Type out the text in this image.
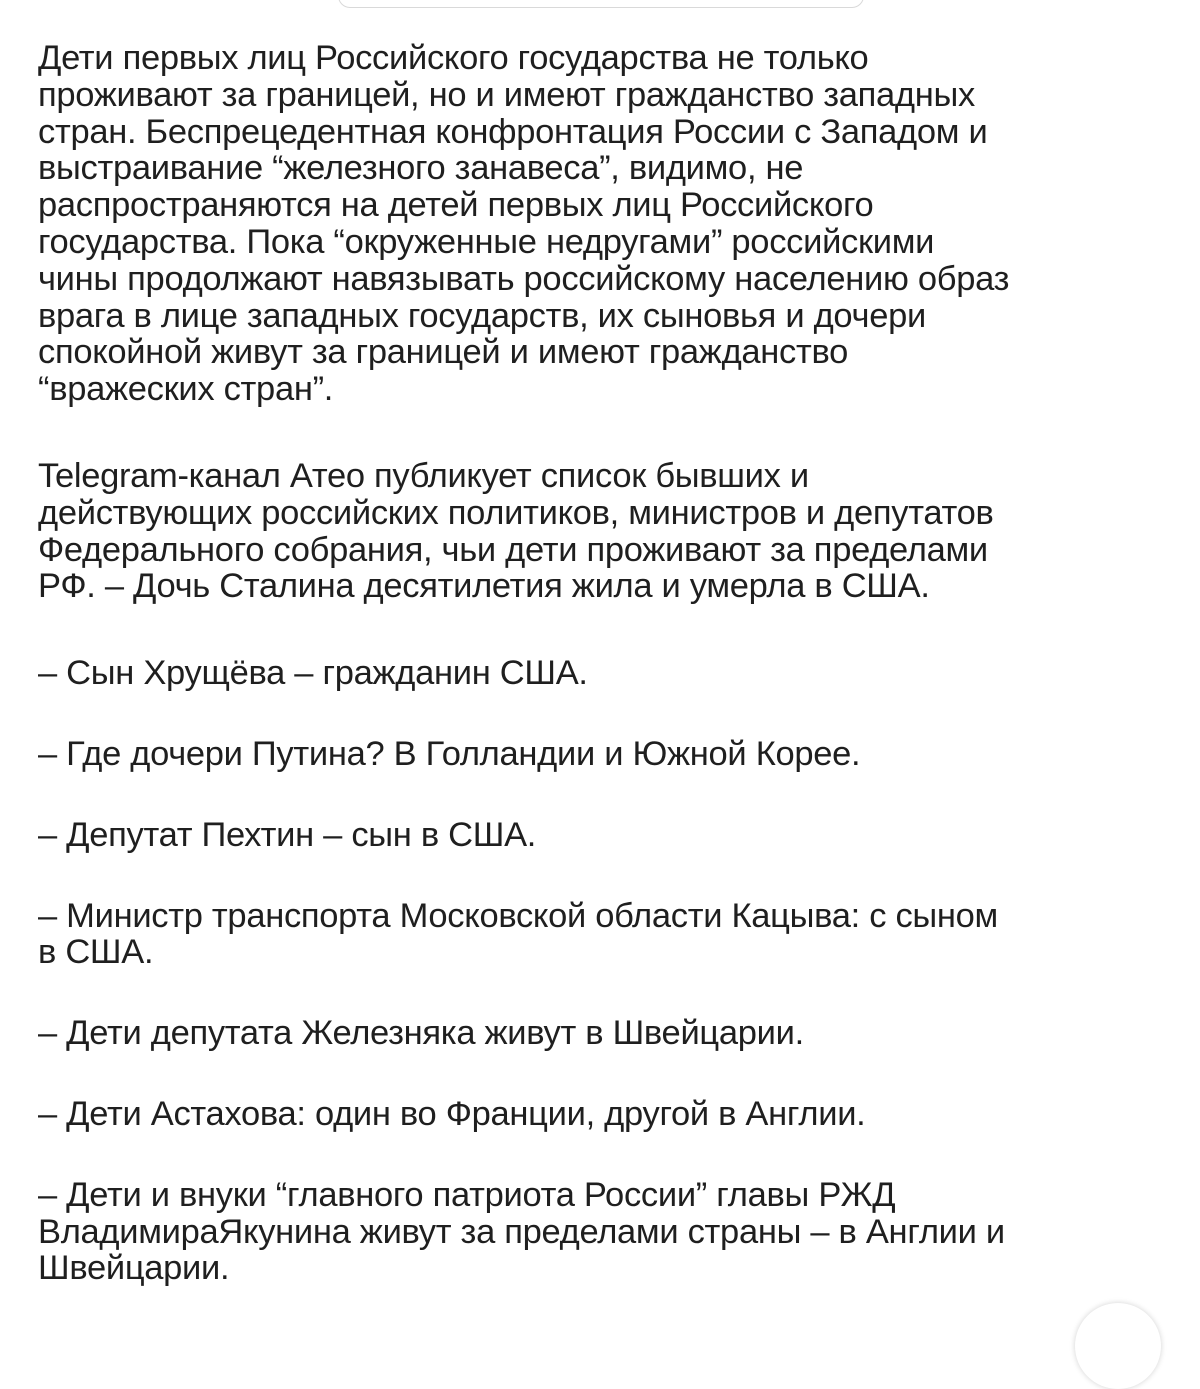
Дети первых лиц Российского государства не только
проживают за границей, но и имеют гражданство западных
стран. Беспрецедентная конфронтация России с Западом и
выстраивание “железного занавеса”, видимо, не
распространяются на детей первых лиц Российского
государства. Пока “окруженные недругами” российскими
чины продолжают навязывать российскому населению образ
врага в лице западных государств, их сыновья и дочери
спокойной живут за границей и имеют гражданство
“вражеских стран”.

Telegram-канал Атео публикует список бывших и
действующих российских политиков, министров и депутатов
Федерального собрания, чьи дети проживают за пределами
РФ. – Дочь Сталина десятилетия жила и умерла в США.

– Сын Хрущёва – гражданин США.

– Где дочери Путина? В Голландии и Южной Корее.

– Депутат Пехтин – сын в США.

– Министр транспорта Московской области Кацыва: с сыном
в США.

– Дети депутата Железняка живут в Швейцарии.

– Дети Астахова: один во Франции, другой в Англии.

– Дети и внуки “главного патриота России” главы РЖД
ВладимираЯкунина живут за пределами страны – в Англии и
Швейцарии.
